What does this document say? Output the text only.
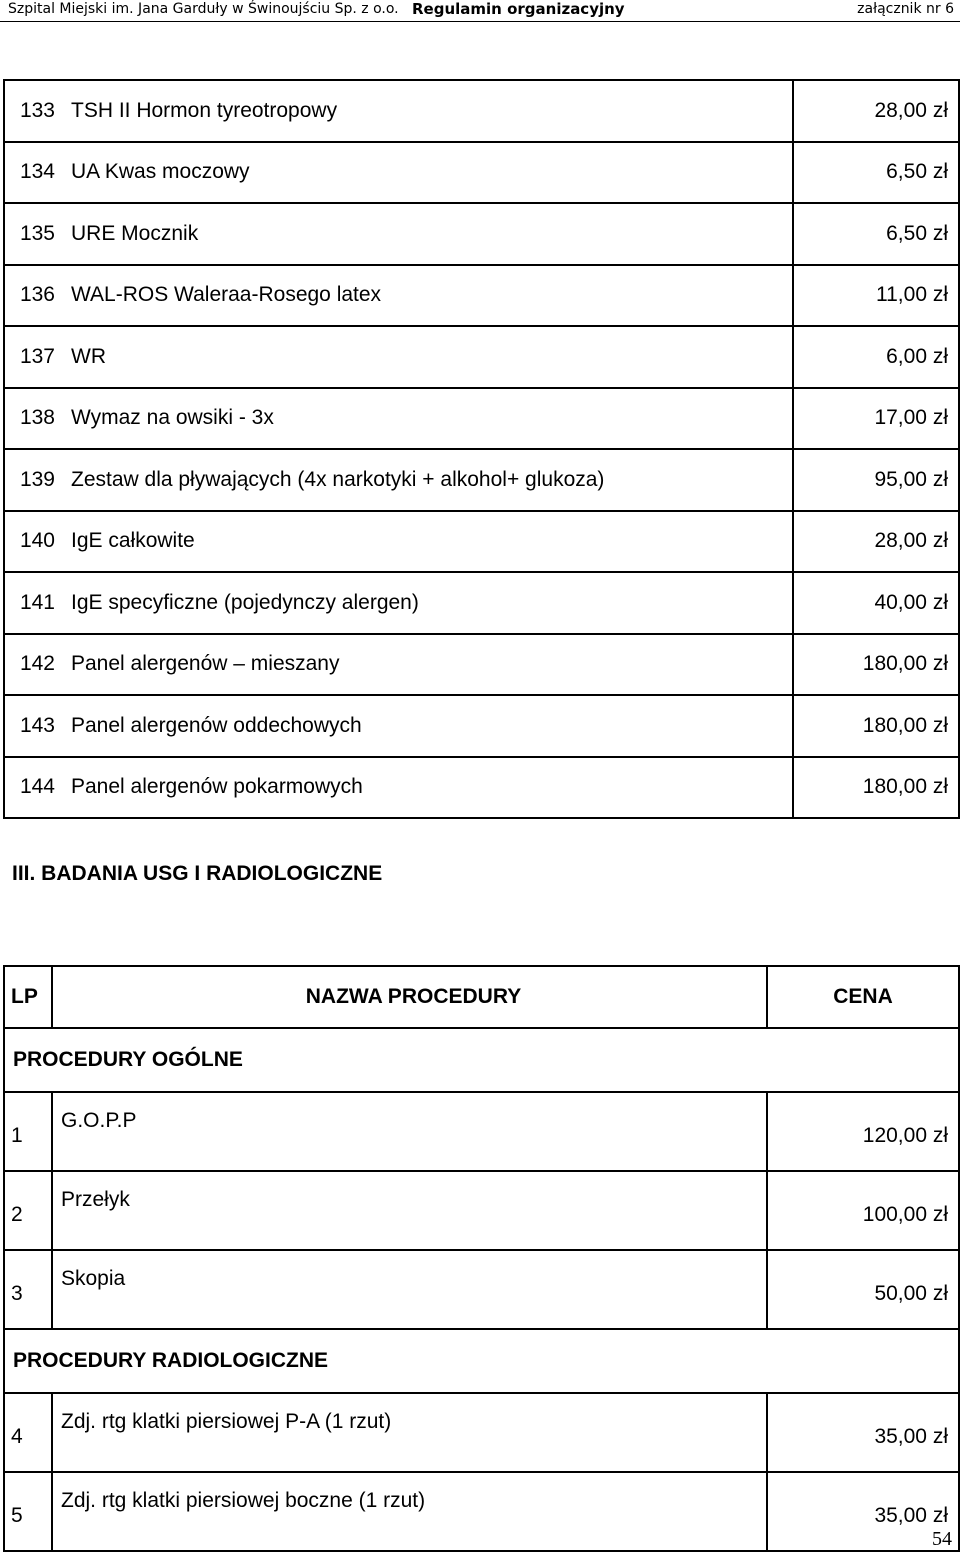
Szpital Miejski im. Jana Garduły w Świnoujściu Sp. z o.o. Regulamin organizacyjny	załącznik nr 6
133	TSH II Hormon tyreotropowy	28,00 zł
134	UA Kwas moczowy	6,50 zł
135	URE Mocznik	6,50 zł
136	WAL-ROS Waleraa-Rosego latex	11,00 zł
137	WR	6,00 zł
138	Wymaz na owsiki - 3x	17,00 zł
139	Zestaw dla pływających (4x narkotyki + alkohol+ glukoza)	95,00 zł
140	IgE całkowite	28,00 zł
141	IgE specyficzne (pojedynczy alergen)	40,00 zł
142	Panel alergenów – mieszany	180,00 zł
143	Panel alergenów oddechowych	180,00 zł
144	Panel alergenów pokarmowych	180,00 zł
III. BADANIA USG I RADIOLOGICZNE
LP	NAZWA PROCEDURY	CENA
PROCEDURY OGÓLNE		
1	G.O.P.P	120,00 zł
2	Przełyk	100,00 zł
3	Skopia	50,00 zł
PROCEDURY RADIOLOGICZNE		
4	Zdj. rtg klatki piersiowej P-A (1 rzut)	35,00 zł
5	Zdj. rtg klatki piersiowej boczne (1 rzut)	35,00 zł
54
